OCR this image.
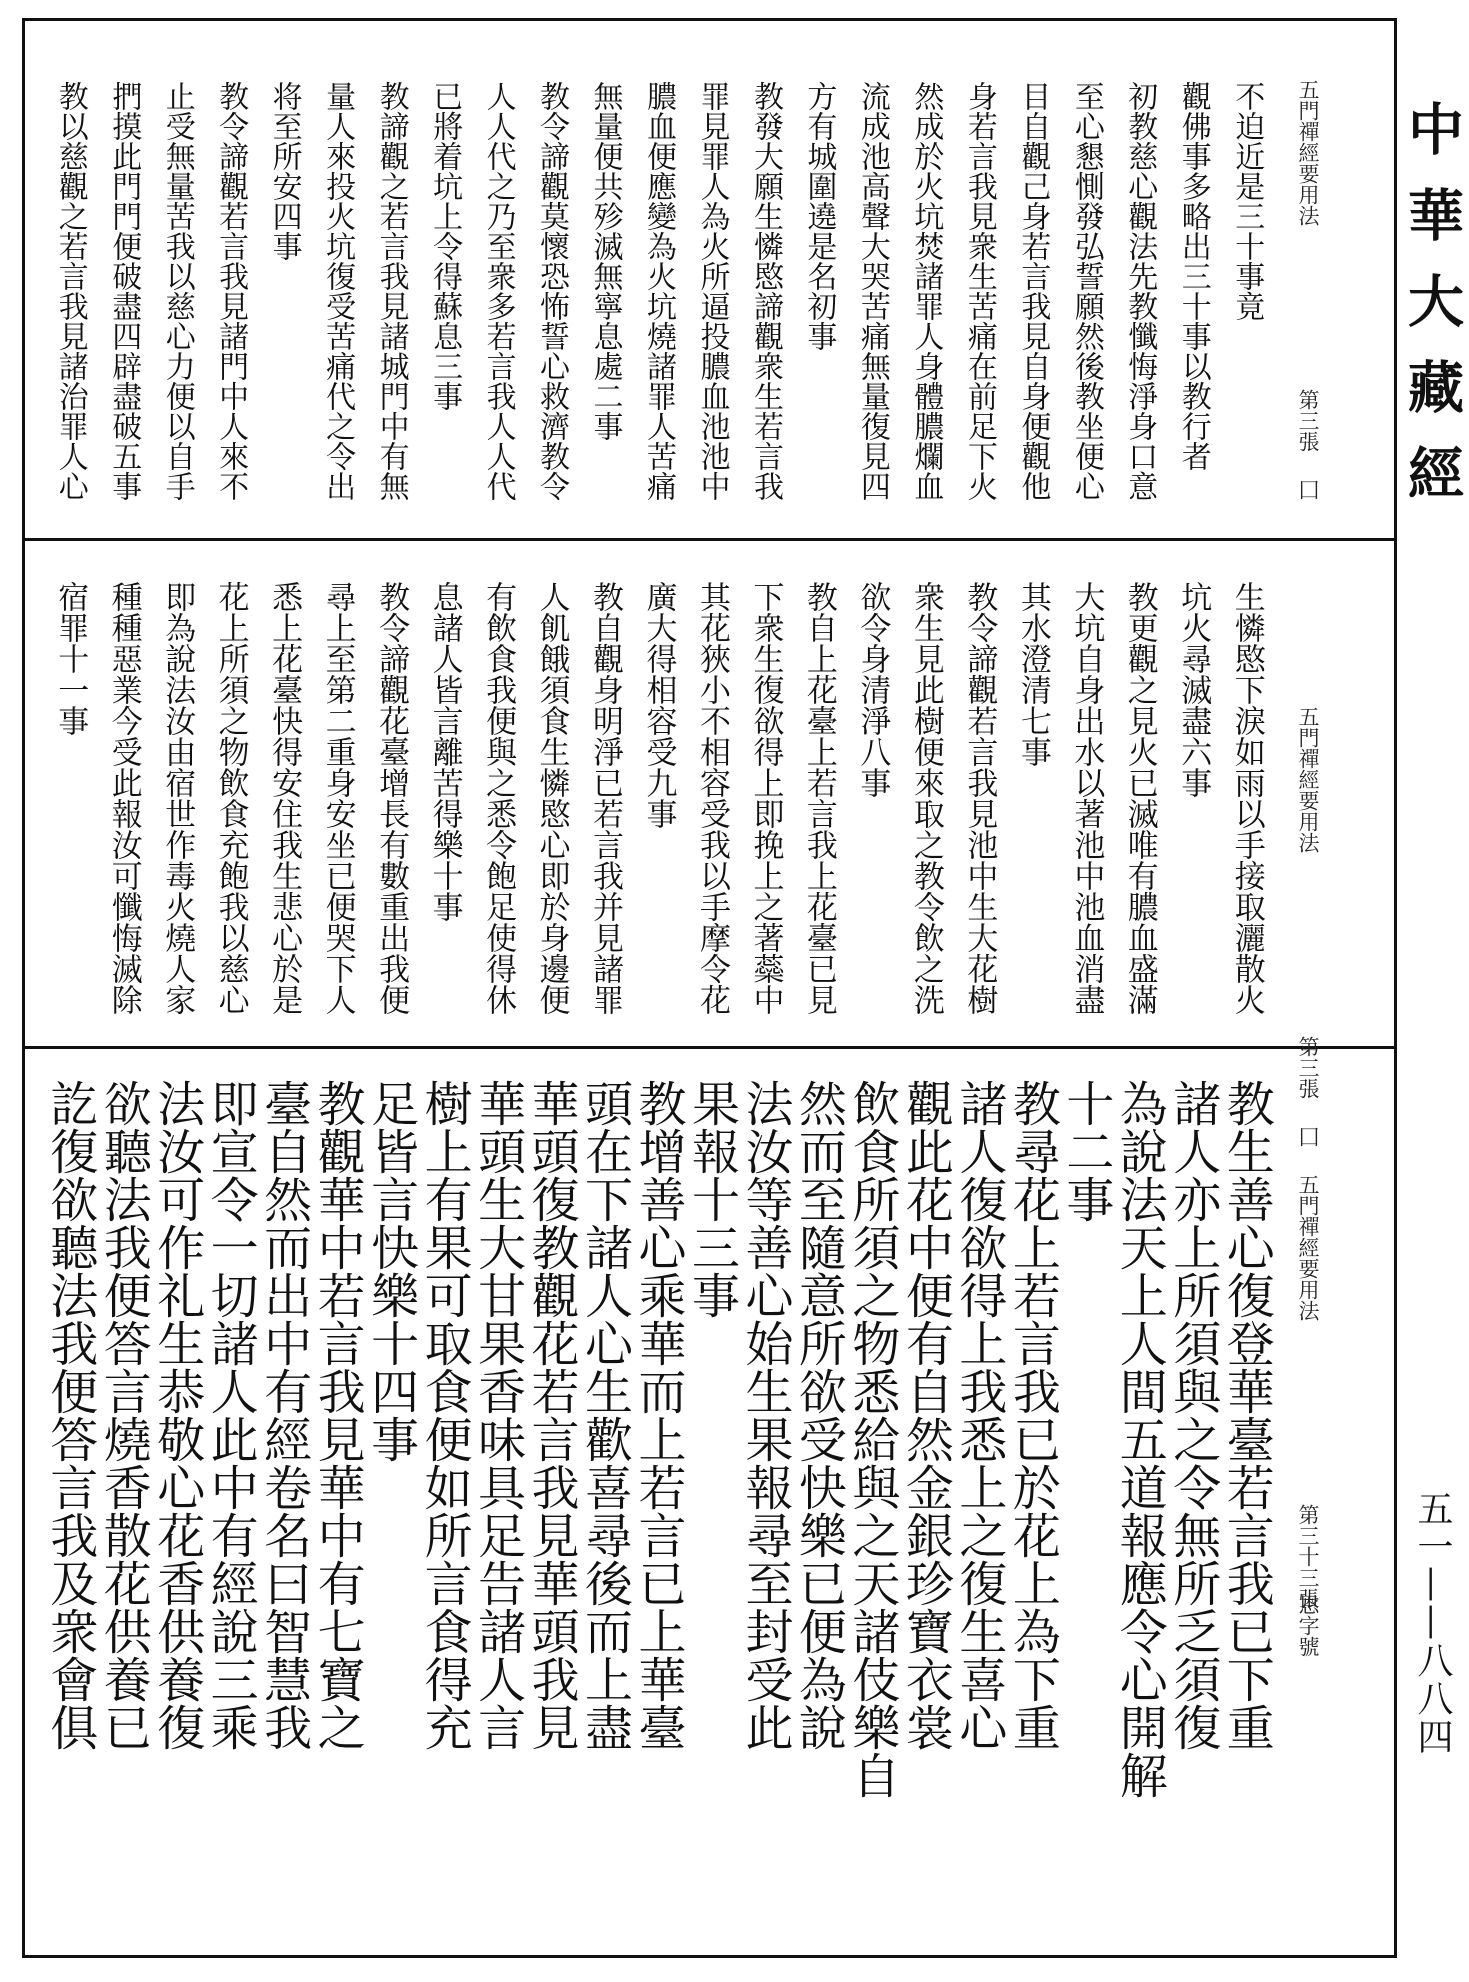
五門禪經要用法
第三張
囗
不迫近是三十事竟
觀佛事多略出三十事以教行者
初教慈心觀法先教懺悔淨身口意
至心懇惻發弘誓願然後教坐便心
目自觀己身若言我見自身便觀他
身若言我見衆生苦痛在前足下火
然成於火坑焚諸罪人身體膿爛血
流成池高聲大哭苦痛無量復見四
方有城圍遶是名初事
教發大願生憐愍諦觀衆生若言我
罪見罪人為火所逼投膿血池池中
膿血便應變為火坑燒諸罪人苦痛
無量便共殄滅無寧息處二事
教令諦觀莫懷恐怖誓心救濟教令
人人代之乃至衆多若言我人人代
已將着坑上令得蘇息三事
教諦觀之若言我見諸城門中有無
量人來投火坑復受苦痛代之令出
将至所安四事
教令諦觀若言我見諸門中人來不
止受無量苦我以慈心力便以自手
捫摸此門門便破盡四辟盡破五事
教以慈觀之若言我見諸治罪人心
五門禪經要用法
第三張
囗
生憐愍下淚如雨以手接取灑散火
坑火尋滅盡六事
教更觀之見火已滅唯有膿血盛滿
大坑自身出水以著池中池血消盡
其水澄清七事
教令諦觀若言我見池中生大花樹
衆生見此樹便來取之教令飲之洗
欲令身清淨八事
教自上花臺上若言我上花臺已見
下衆生復欲得上即挽上之著蘂中
其花狹小不相容受我以手摩令花
廣大得相容受九事
教自觀身明淨已若言我并見諸罪
人飢餓須食生憐愍心即於身邊便
有飲食我便與之悉令飽足使得休
息諸人皆言離苦得樂十事
教令諦觀花臺增長有數重出我便
尋上至第二重身安坐已便哭下人
悉上花臺快得安住我生悲心於是
花上所須之物飲食充飽我以慈心
即為說法汝由宿世作毒火燒人家
種種惡業今受此報汝可懺悔滅除
宿罪十一事
五門禪經要用法
第三十三張
恩字號
教生善心復登華臺若言我已下重
諸人亦上所須與之令無所乏須復
為說法天上人間五道報應令心開解
十二事
教尋花上若言我已於花上為下重
諸人復欲得上我悉上之復生喜心
觀此花中便有自然金銀珍寶衣裳
飲食所須之物悉給與之天諸伎樂自
然而至隨意所欲受快樂已便為說
法汝等善心始生果報尋至封受此
果報十三事
教增善心乘華而上若言已上華臺
頭在下諸人心生歡喜尋後而上盡
華頭復教觀花若言我見華頭我見
華頭生大甘果香味具足告諸人言
樹上有果可取食便如所言食得充
足皆言快樂十四事
教觀華中若言我見華中有七寶之
臺自然而出中有經卷名曰智慧我
即宣令一切諸人此中有經說三乘
法汝可作礼生恭敬心花香供養復
欲聽法我便答言燒香散花供養已
訖復欲聽法我便答言我及衆會俱
中華大藏經
五一——八八四
